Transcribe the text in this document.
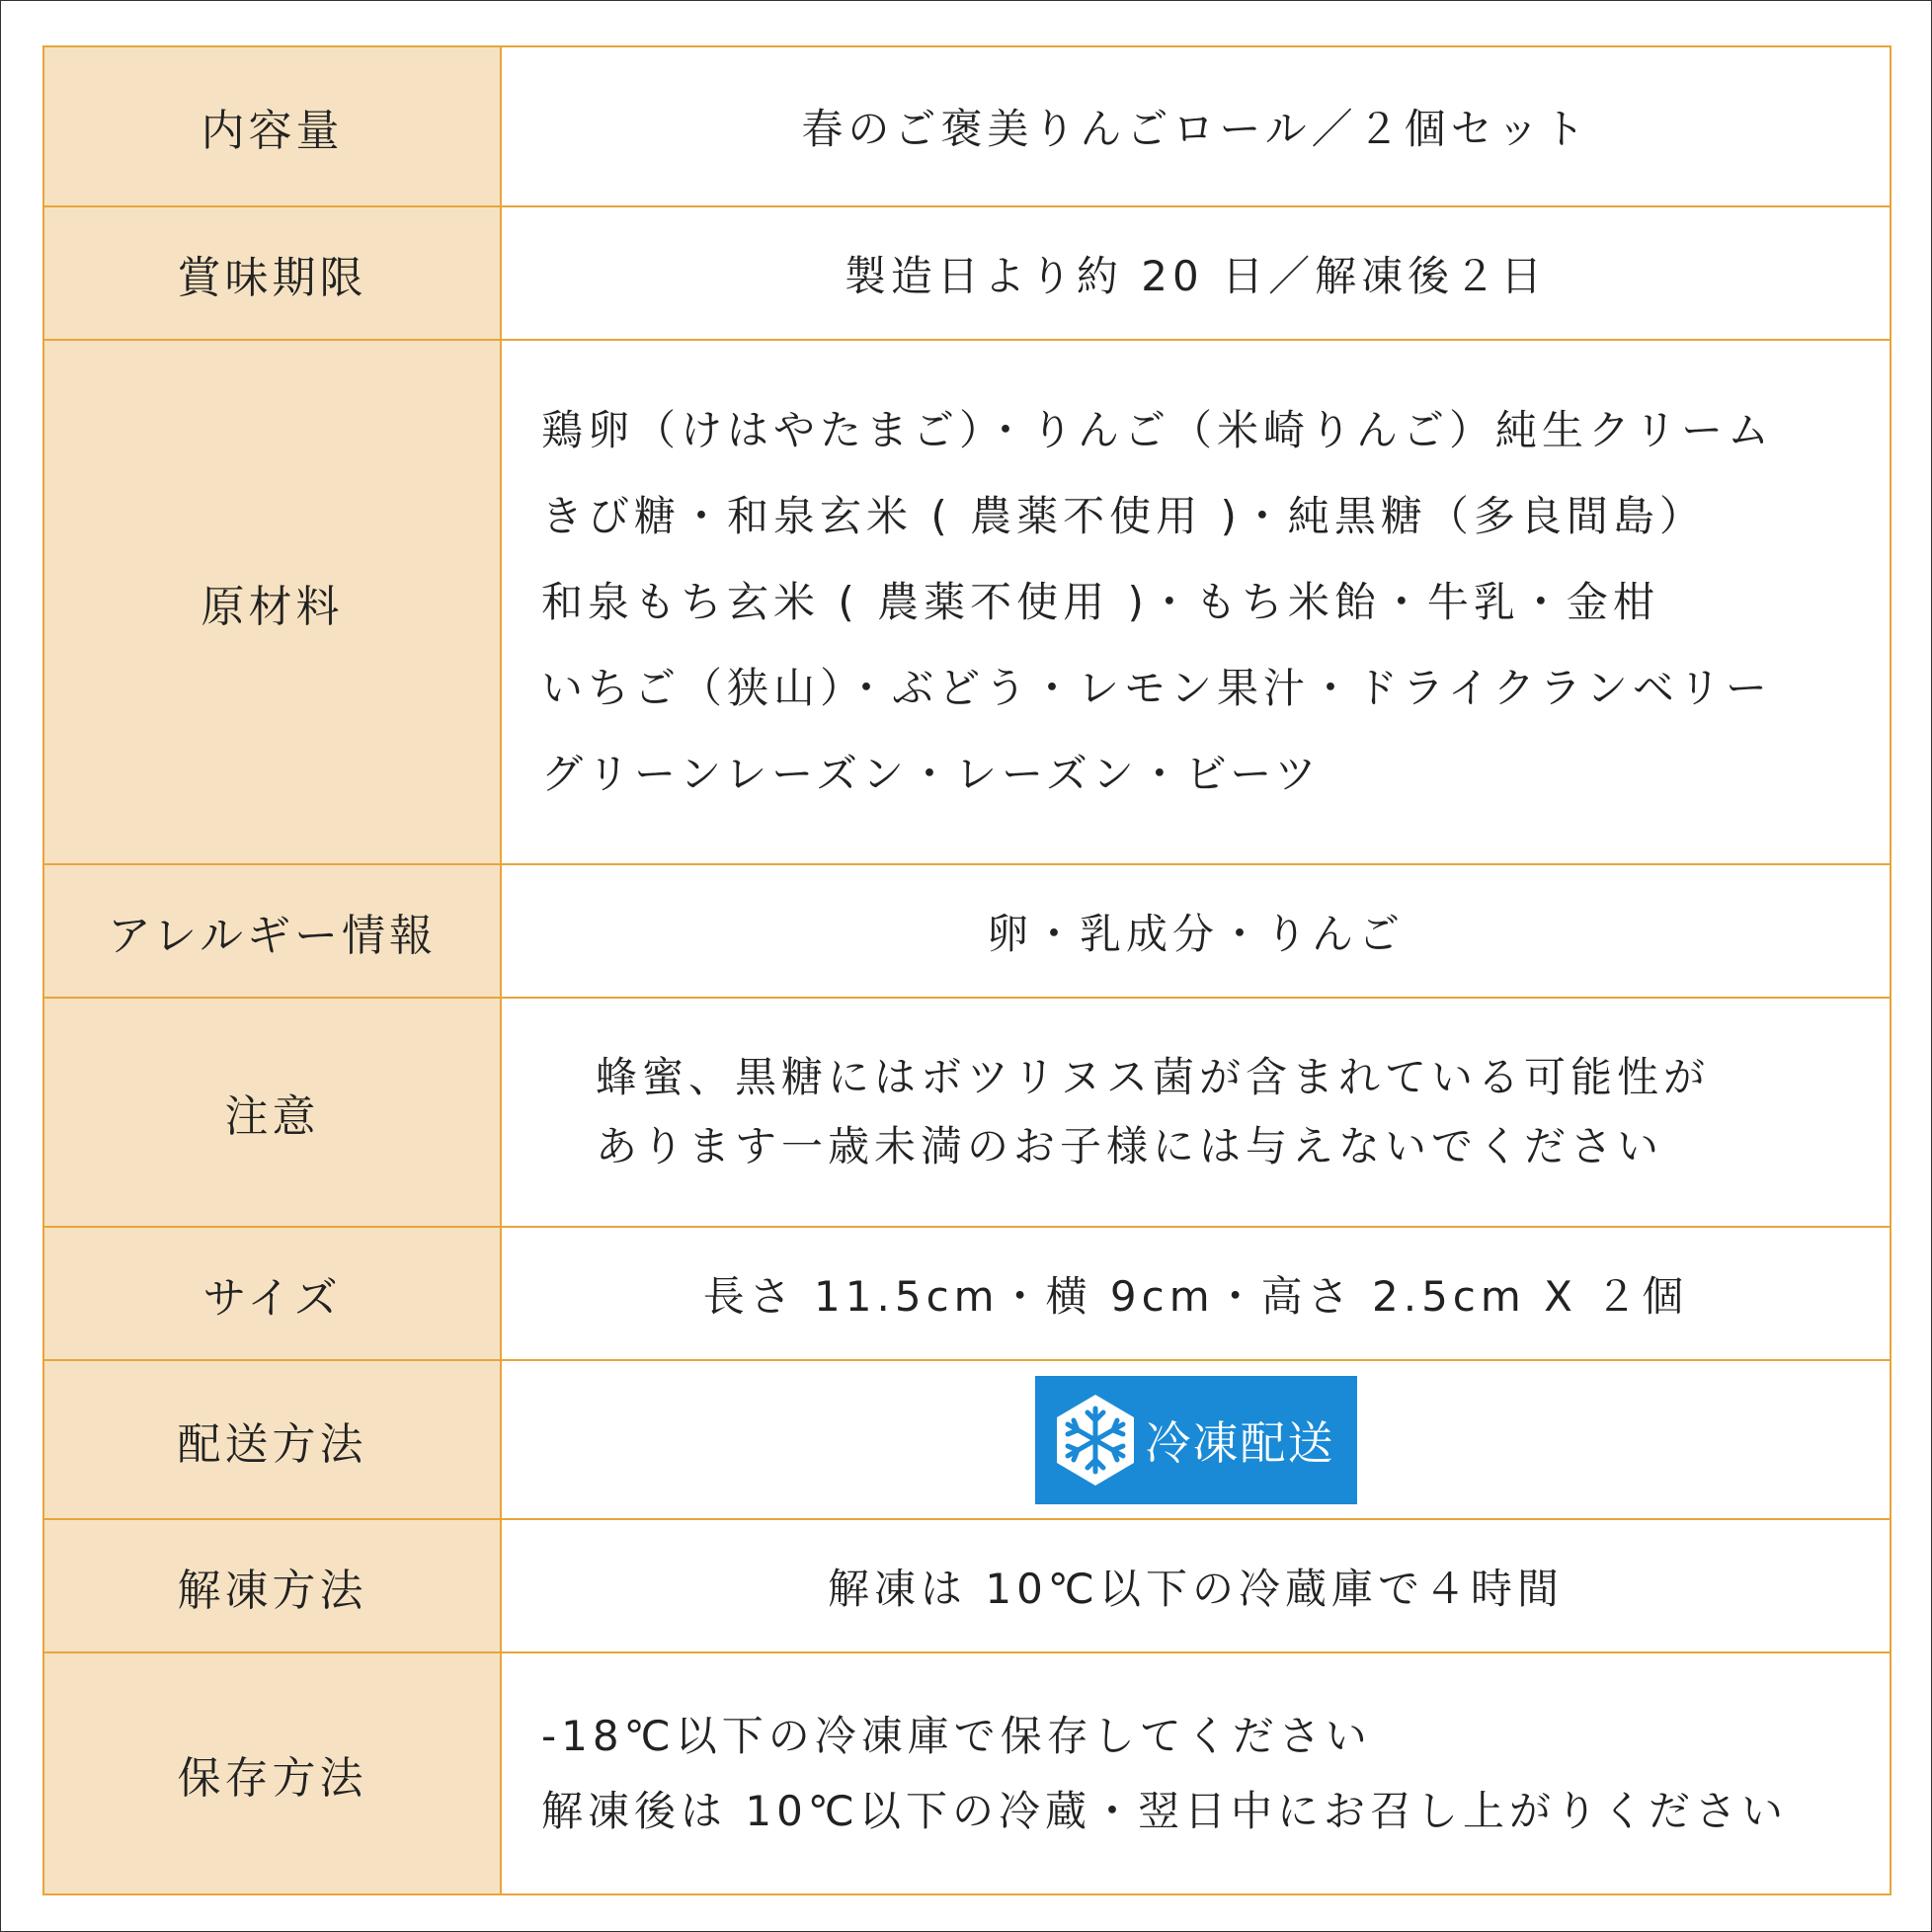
内容量	春のご褒美りんごロール／２個セット

賞味期限	製造日より約 20 日／解凍後２日

原材料	鶏卵（けはやたまご）・りんご（米崎りんご）純生クリーム
きび糖・和泉玄米 ( 農薬不使用 )・純黒糖（多良間島）
和泉もち玄米 ( 農薬不使用 )・もち米飴・牛乳・金柑
いちご（狭山）・ぶどう・レモン果汁・ドライクランベリー
グリーンレーズン・レーズン・ビーツ

アレルギー情報	卵・乳成分・りんご

注意	蜂蜜、黒糖にはボツリヌス菌が含まれている可能性が
あります一歳未満のお子様には与えないでください

サイズ	長さ 11.5cm・横 9cm・高さ 2.5cm X ２個

配送方法	冷凍配送

解凍方法	解凍は 10℃以下の冷蔵庫で４時間

保存方法	-18℃以下の冷凍庫で保存してください
解凍後は 10℃以下の冷蔵・翌日中にお召し上がりください
